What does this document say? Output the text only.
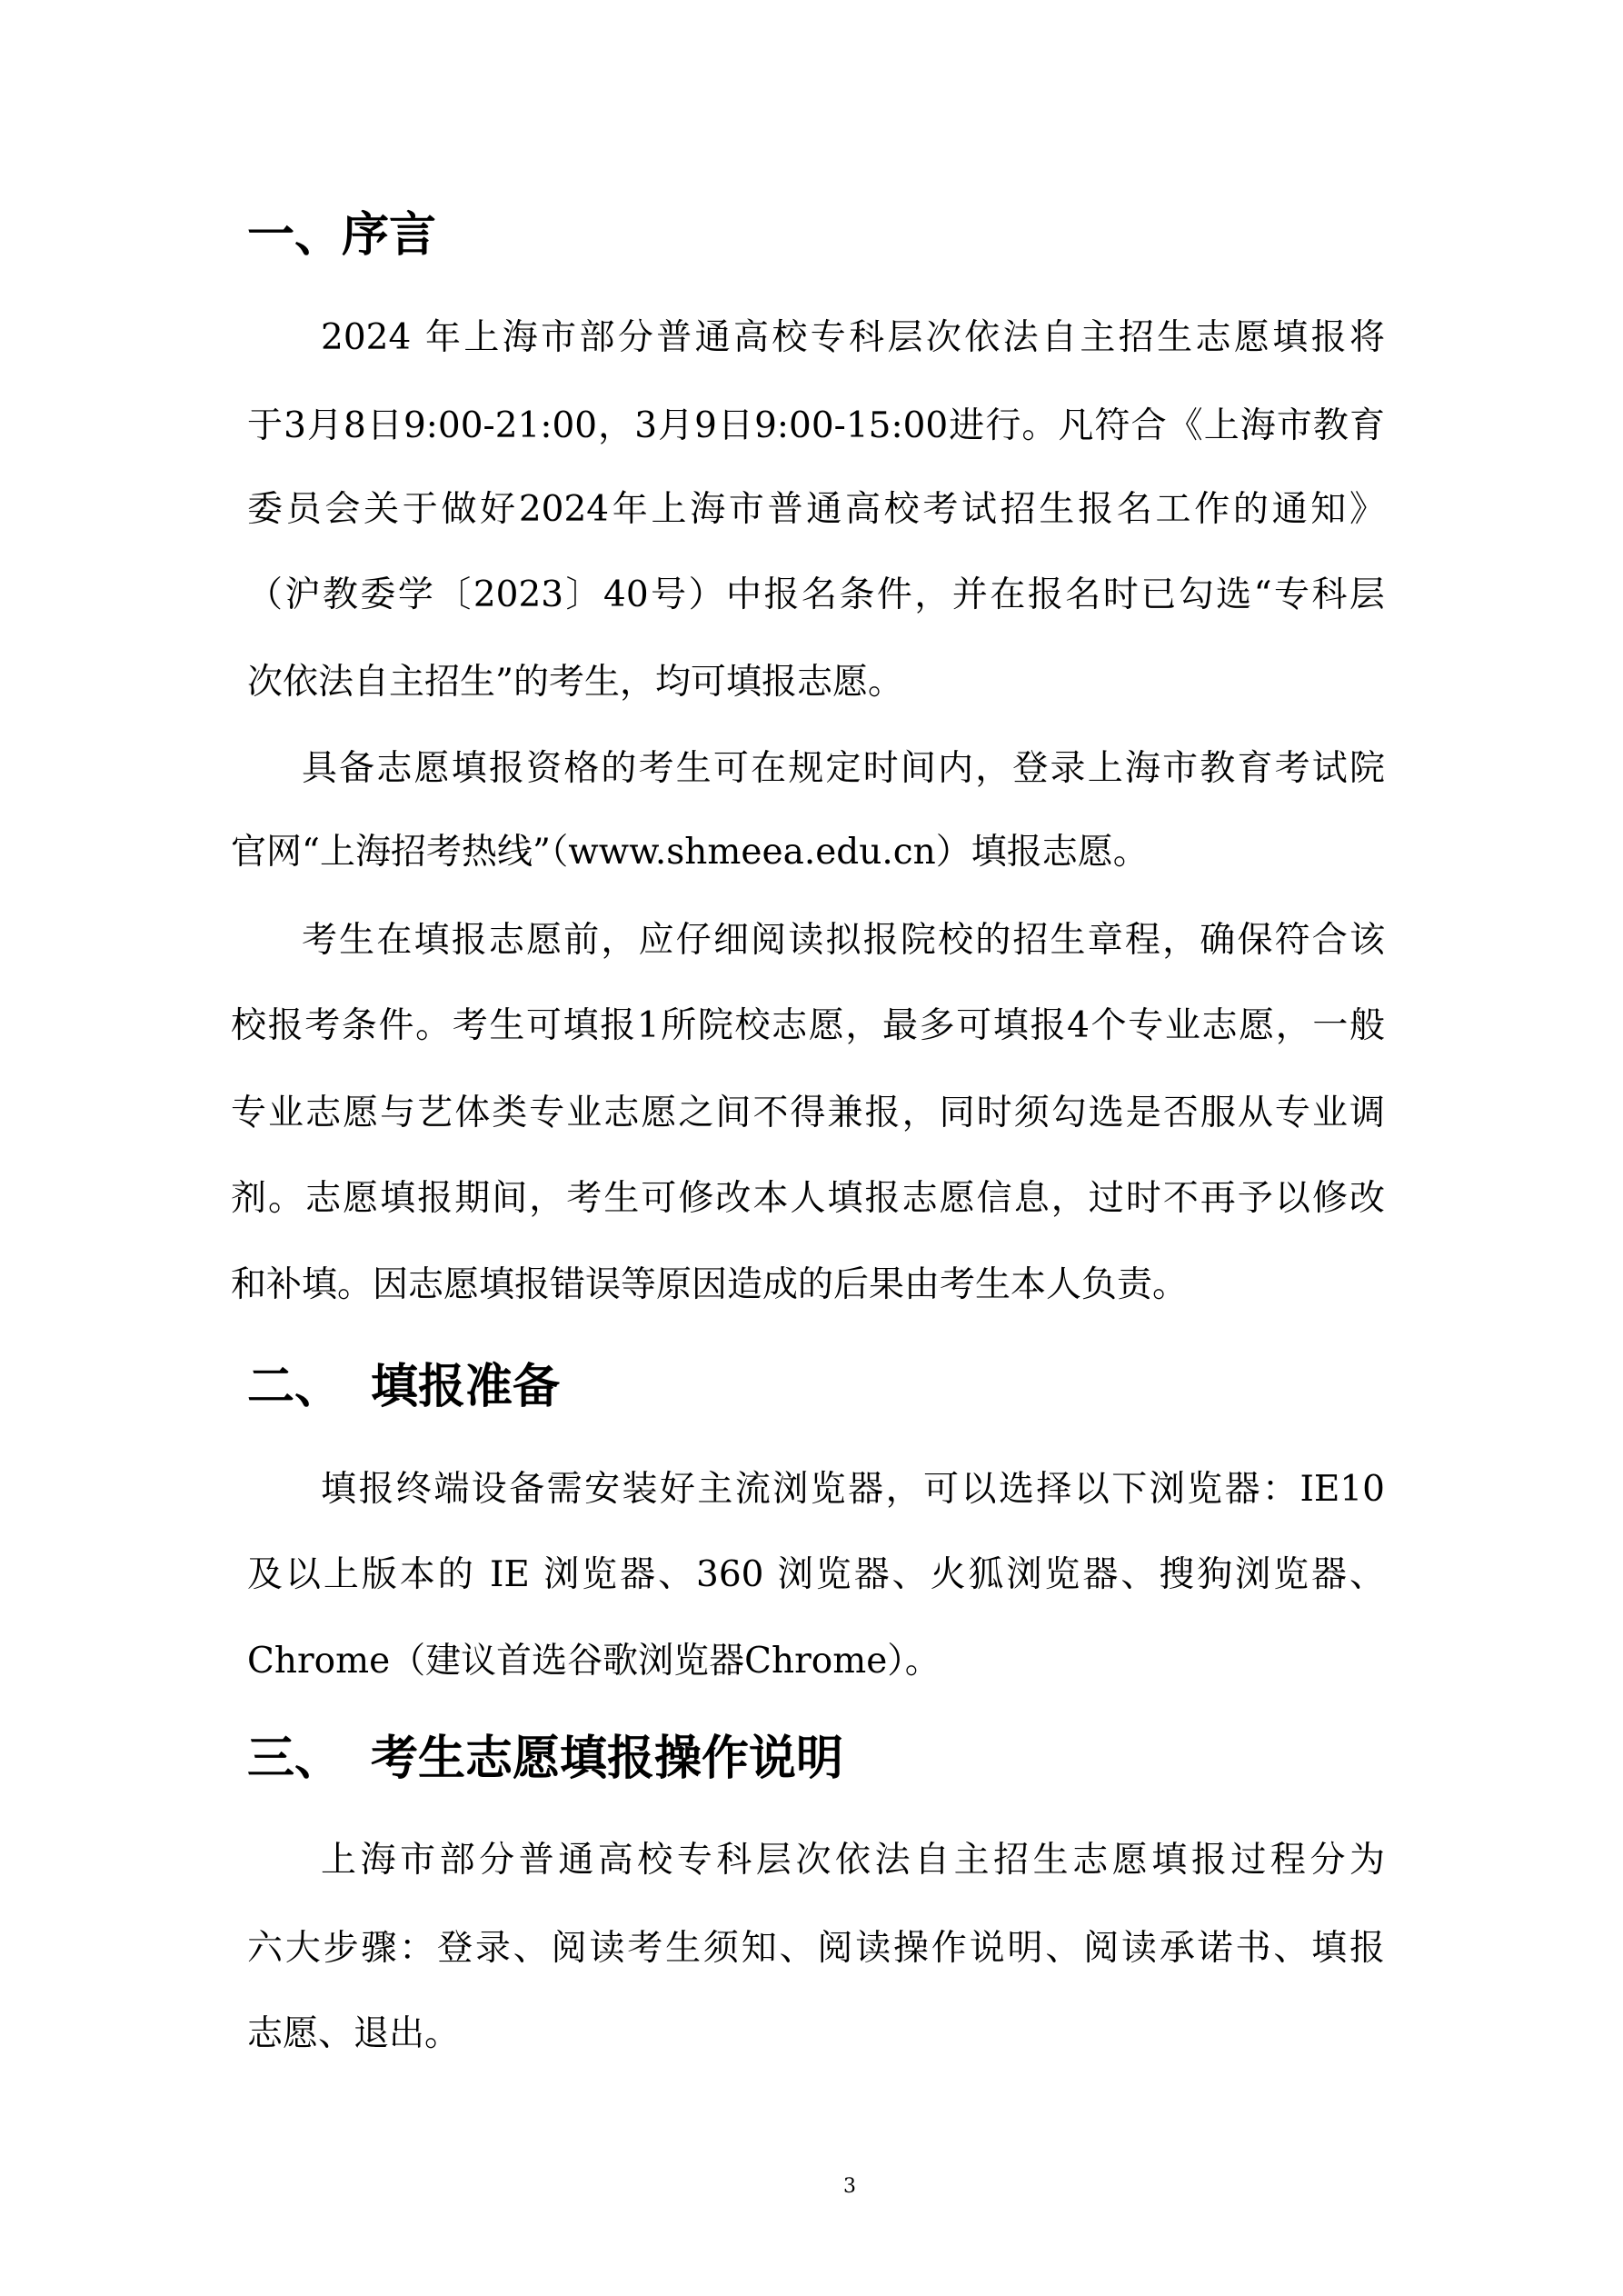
一、序言
2024 年上海市部分普通高校专科层次依法自主招生志愿填报将
于3月8日9:00-21:00，3月9日9:00-15:00进行。凡符合《上海市教育
委员会关于做好2024年上海市普通高校考试招生报名工作的通知》
（沪教委学〔2023〕40号）中报名条件，并在报名时已勾选“专科层
次依法自主招生”的考生，均可填报志愿。
具备志愿填报资格的考生可在规定时间内，登录上海市教育考试院
官网“上海招考热线”（www.shmeea.edu.cn）填报志愿。
考生在填报志愿前，应仔细阅读拟报院校的招生章程，确保符合该
校报考条件。考生可填报1所院校志愿，最多可填报4个专业志愿，一般
专业志愿与艺体类专业志愿之间不得兼报，同时须勾选是否服从专业调
剂。志愿填报期间，考生可修改本人填报志愿信息，过时不再予以修改
和补填。因志愿填报错误等原因造成的后果由考生本人负责。
二、 填报准备
填报终端设备需安装好主流浏览器，可以选择以下浏览器：IE10
及以上版本的 IE 浏览器、360 浏览器、火狐浏览器、搜狗浏览器、
Chrome（建议首选谷歌浏览器Chrome）。
三、 考生志愿填报操作说明
上海市部分普通高校专科层次依法自主招生志愿填报过程分为
六大步骤：登录、阅读考生须知、阅读操作说明、阅读承诺书、填报
志愿、退出。
3
